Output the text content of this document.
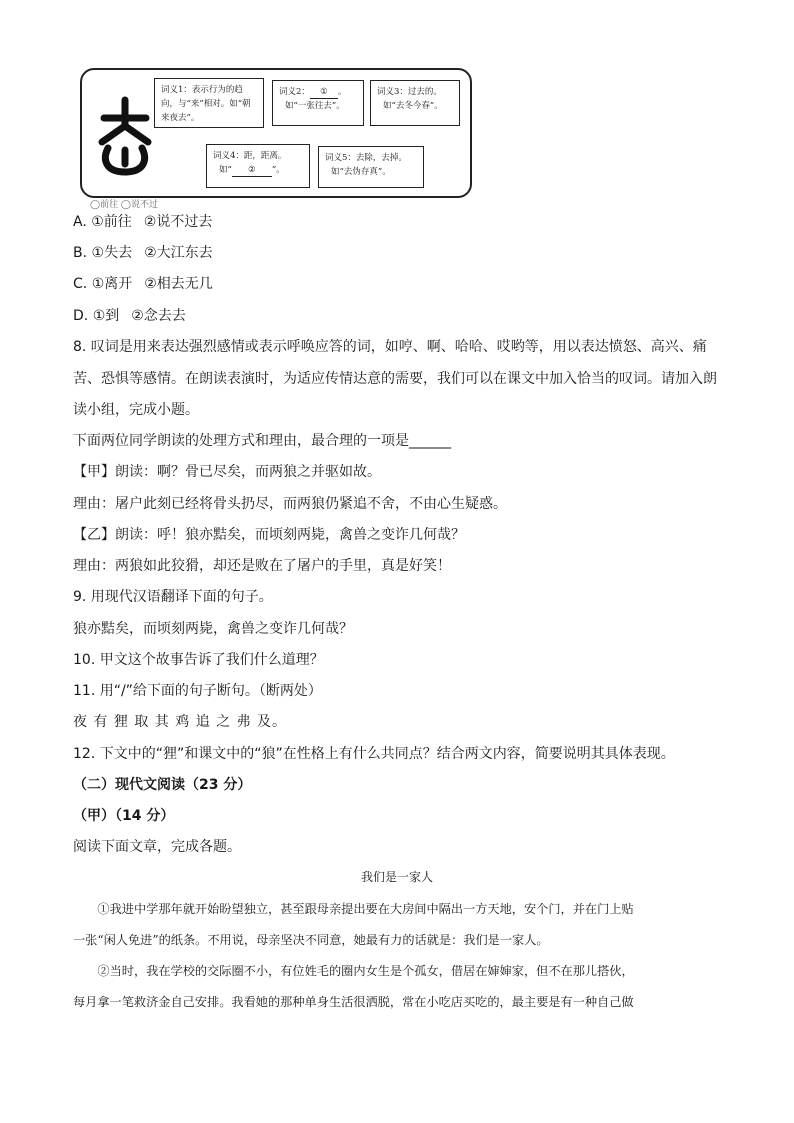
词义1：表示行为的趋向，与“来”相对。如“朝来夜去”。
词义2： ① 。
如“一张往去”。
词义3：过去的。
如“去冬今春”。
词义4：距，距离。
如“ ② ”。
词义5：去除，去掉。
如“去伪存真”。
◯前往 ◯说不过
A. ①前往 ②说不过去
B. ①失去 ②大江东去
C. ①离开 ②相去无几
D. ①到 ②念去去
8. 叹词是用来表达强烈感情或表示呼唤应答的词，如哼、啊、哈哈、哎哟等，用以表达愤怒、高兴、痛
苦、恐惧等感情。在朗读表演时，为适应传情达意的需要，我们可以在课文中加入恰当的叹词。请加入朗
读小组，完成小题。
下面两位同学朗读的处理方式和理由，最合理的一项是______
【甲】朗读：啊？骨已尽矣，而两狼之并驱如故。
理由：屠户此刻已经将骨头扔尽，而两狼仍紧追不舍，不由心生疑惑。
【乙】朗读：呼！狼亦黠矣，而顷刻两毙，禽兽之变诈几何哉？
理由：两狼如此狡猾，却还是败在了屠户的手里，真是好笑！
9. 用现代汉语翻译下面的句子。
狼亦黠矣，而顷刻两毙，禽兽之变诈几何哉？
10. 甲文这个故事告诉了我们什么道理？
11. 用“/”给下面的句子断句。（断两处）
夜 有 狸 取 其 鸡 追 之 弗 及。
12. 下文中的“狸”和课文中的“狼”在性格上有什么共同点？结合两文内容，简要说明其具体表现。
（二）现代文阅读（23 分）
（甲）（14 分）
阅读下面文章，完成各题。
我们是一家人
①我进中学那年就开始盼望独立，甚至跟母亲提出要在大房间中隔出一方天地，安个门，并在门上贴
一张“闲人免进”的纸条。不用说，母亲坚决不同意，她最有力的话就是：我们是一家人。
②当时，我在学校的交际圈不小，有位姓毛的圈内女生是个孤女，借居在婶婶家，但不在那儿搭伙，
每月拿一笔救济金自己安排。我看她的那种单身生活很洒脱，常在小吃店买吃的，最主要是有一种自己做
